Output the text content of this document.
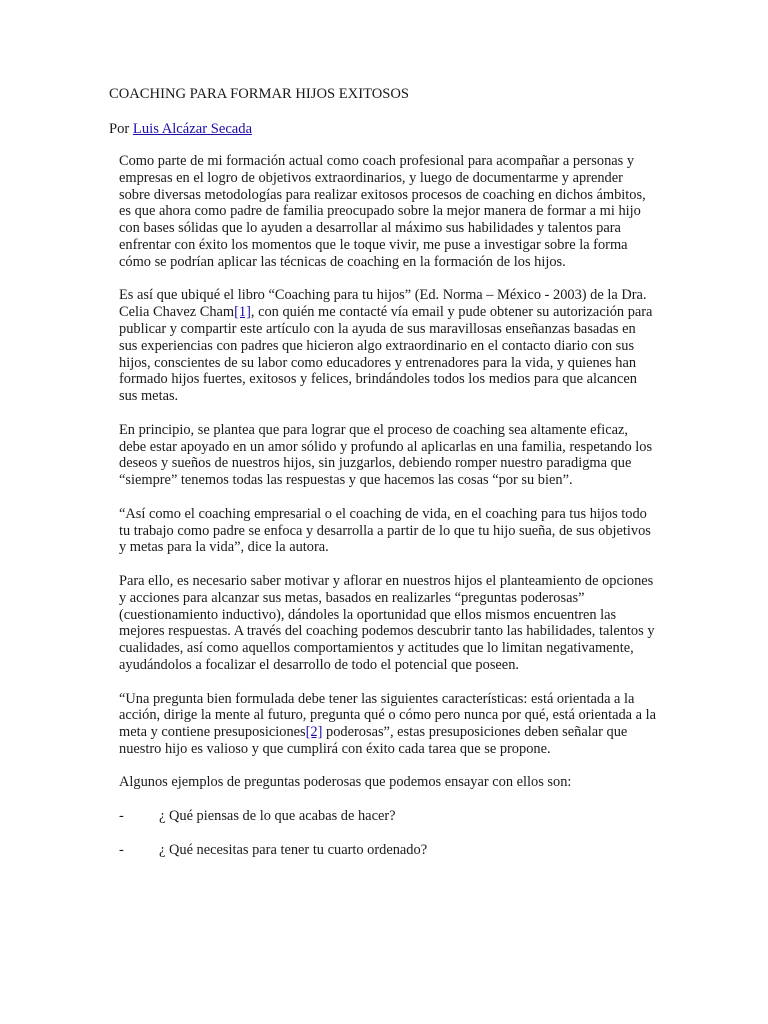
COACHING PARA FORMAR HIJOS EXITOSOS
Por Luis Alcázar Secada

Como parte de mi formación actual como coach profesional para acompañar a personas y empresas en el logro de objetivos extraordinarios, y luego de documentarme y aprender sobre diversas metodologías para realizar exitosos procesos de coaching en dichos ámbitos, es que ahora como padre de familia preocupado sobre la mejor manera de formar a mi hijo con bases sólidas que lo ayuden a desarrollar al máximo sus habilidades y talentos para enfrentar con éxito los momentos que le toque vivir, me puse a investigar sobre la forma cómo se podrían aplicar las técnicas de coaching en la formación de los hijos.

Es así que ubiqué el libro “Coaching para tu hijos” (Ed. Norma – México - 2003) de la Dra. Celia Chavez Cham[1], con quién me contacté vía email y pude obtener su autorización para publicar y compartir este artículo con la ayuda de sus maravillosas enseñanzas basadas en sus experiencias con padres que hicieron algo extraordinario en el contacto diario con sus hijos, conscientes de su labor como educadores y entrenadores para la vida, y quienes han formado hijos fuertes, exitosos y felices, brindándoles todos los medios para que alcancen sus metas.

En principio, se plantea que para lograr que el proceso de coaching sea altamente eficaz, debe estar apoyado en un amor sólido y profundo al aplicarlas en una familia, respetando los deseos y sueños de nuestros hijos, sin juzgarlos, debiendo romper nuestro paradigma que “siempre” tenemos todas las respuestas y que hacemos las cosas “por su bien”.

“Así como el coaching empresarial o el coaching de vida, en el coaching para tus hijos todo tu trabajo como padre se enfoca y desarrolla a partir de lo que tu hijo sueña, de sus objetivos y metas para la vida”, dice la autora.

Para ello, es necesario saber motivar y aflorar en nuestros hijos el planteamiento de opciones y acciones para alcanzar sus metas, basados en realizarles “preguntas poderosas” (cuestionamiento inductivo), dándoles la oportunidad que ellos mismos encuentren las mejores respuestas. A través del coaching podemos descubrir tanto las habilidades, talentos y cualidades, así como aquellos comportamientos y actitudes que lo limitan negativamente, ayudándolos a focalizar el desarrollo de todo el potencial que poseen.

“Una pregunta bien formulada debe tener las siguientes características: está orientada a la acción, dirige la mente al futuro, pregunta qué o cómo pero nunca por qué, está orientada a la meta y contiene presuposiciones[2] poderosas”, estas presuposiciones deben señalar que nuestro hijo es valioso y que cumplirá con éxito cada tarea que se propone.

Algunos ejemplos de preguntas poderosas que podemos ensayar con ellos son:

-	¿ Qué piensas de lo que acabas de hacer?
-	¿ Qué necesitas para tener tu cuarto ordenado?
